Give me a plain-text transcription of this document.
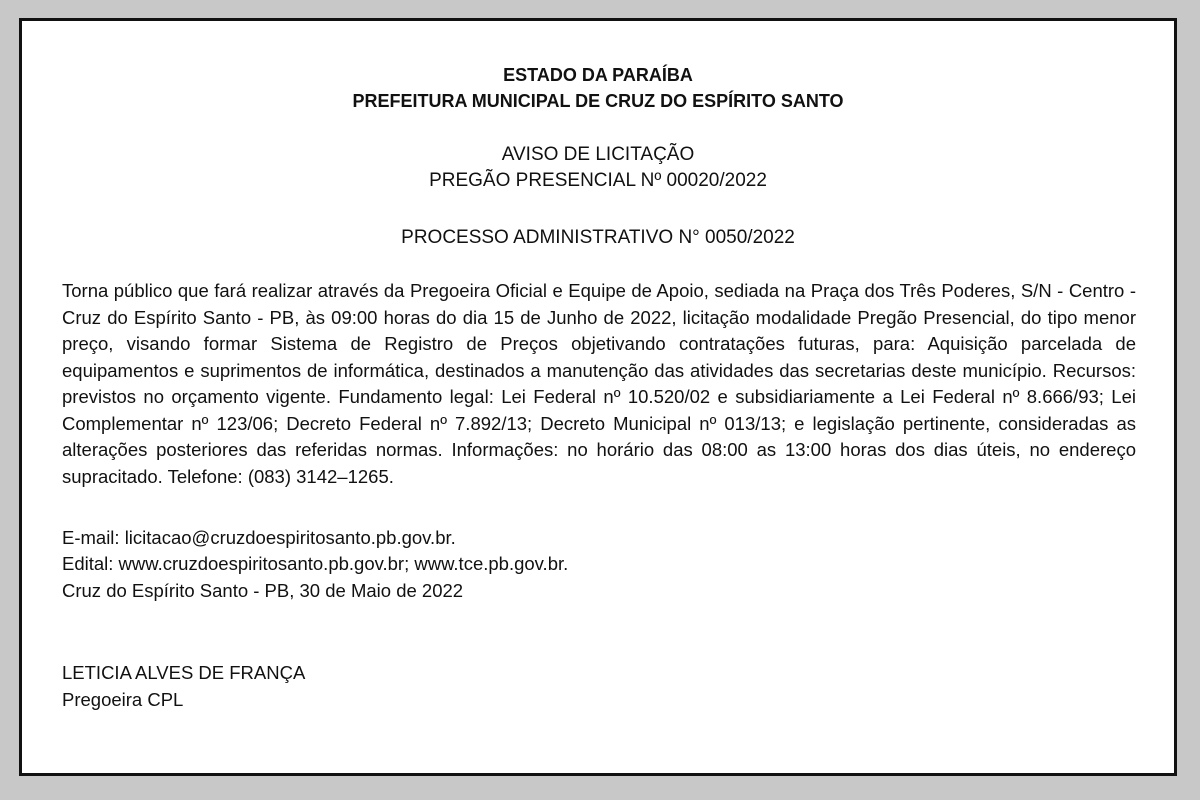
ESTADO DA PARAÍBA
PREFEITURA MUNICIPAL DE CRUZ DO ESPÍRITO SANTO
AVISO DE LICITAÇÃO
PREGÃO PRESENCIAL Nº 00020/2022
PROCESSO ADMINISTRATIVO N° 0050/2022

Torna público que fará realizar através da Pregoeira Oficial e Equipe de Apoio, sediada na Praça dos Três Poderes, S/N - Centro - Cruz do Espírito Santo - PB, às 09:00 horas do dia 15 de Junho de 2022, licitação modalidade Pregão Presencial, do tipo menor preço, visando formar Sistema de Registro de Preços objetivando contratações futuras, para: Aquisição parcelada de equipamentos e suprimentos de informática, destinados a manutenção das atividades das secretarias deste município. Recursos: previstos no orçamento vigente. Fundamento legal: Lei Federal nº 10.520/02 e subsidiariamente a Lei Federal nº 8.666/93; Lei Complementar nº 123/06; Decreto Federal nº 7.892/13; Decreto Municipal nº 013/13; e legislação pertinente, consideradas as alterações posteriores das referidas normas. Informações: no horário das 08:00 as 13:00 horas dos dias úteis, no endereço supracitado. Telefone: (083) 3142–1265.

E-mail: licitacao@cruzdoespiritosanto.pb.gov.br.
Edital: www.cruzdoespiritosanto.pb.gov.br; www.tce.pb.gov.br.
Cruz do Espírito Santo - PB, 30 de Maio de 2022
LETICIA ALVES DE FRANÇA
Pregoeira CPL
